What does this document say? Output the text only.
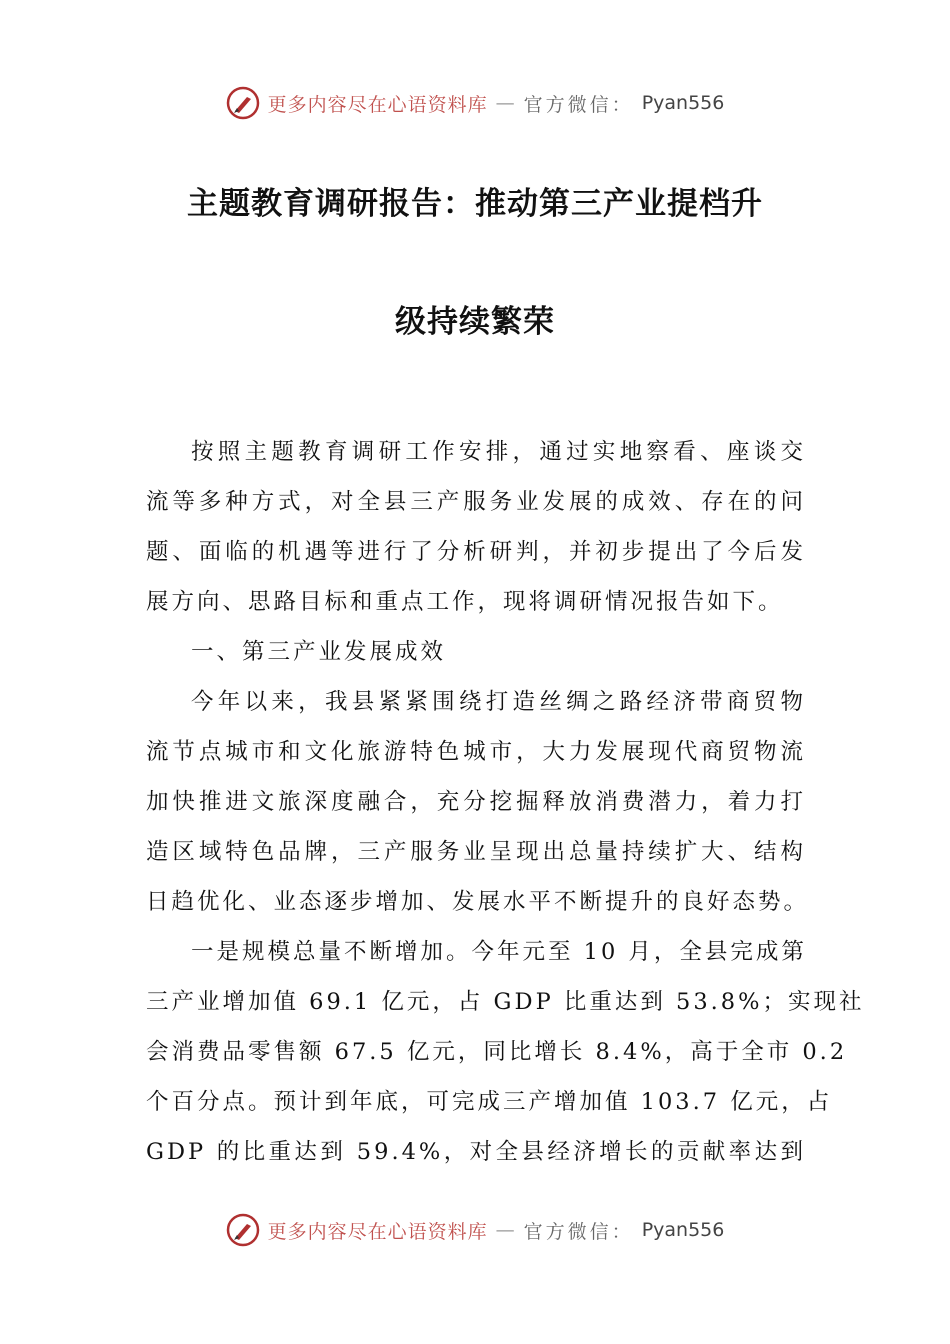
更多内容尽在心语资料库 — 官方微信： Pyan556
主题教育调研报告：推动第三产业提档升
级持续繁荣
按照主题教育调研工作安排，通过实地察看、座谈交
流等多种方式，对全县三产服务业发展的成效、存在的问
题、面临的机遇等进行了分析研判，并初步提出了今后发
展方向、思路目标和重点工作，现将调研情况报告如下。
一、第三产业发展成效
今年以来，我县紧紧围绕打造丝绸之路经济带商贸物
流节点城市和文化旅游特色城市，大力发展现代商贸物流
加快推进文旅深度融合，充分挖掘释放消费潜力，着力打
造区域特色品牌，三产服务业呈现出总量持续扩大、结构
日趋优化、业态逐步增加、发展水平不断提升的良好态势。
一是规模总量不断增加。今年元至 10 月，全县完成第
三产业增加值 69.1 亿元，占 GDP 比重达到 53.8%；实现社
会消费品零售额 67.5 亿元，同比增长 8.4%，高于全市 0.2
个百分点。预计到年底，可完成三产增加值 103.7 亿元，占
GDP 的比重达到 59.4%，对全县经济增长的贡献率达到
更多内容尽在心语资料库 — 官方微信： Pyan556
